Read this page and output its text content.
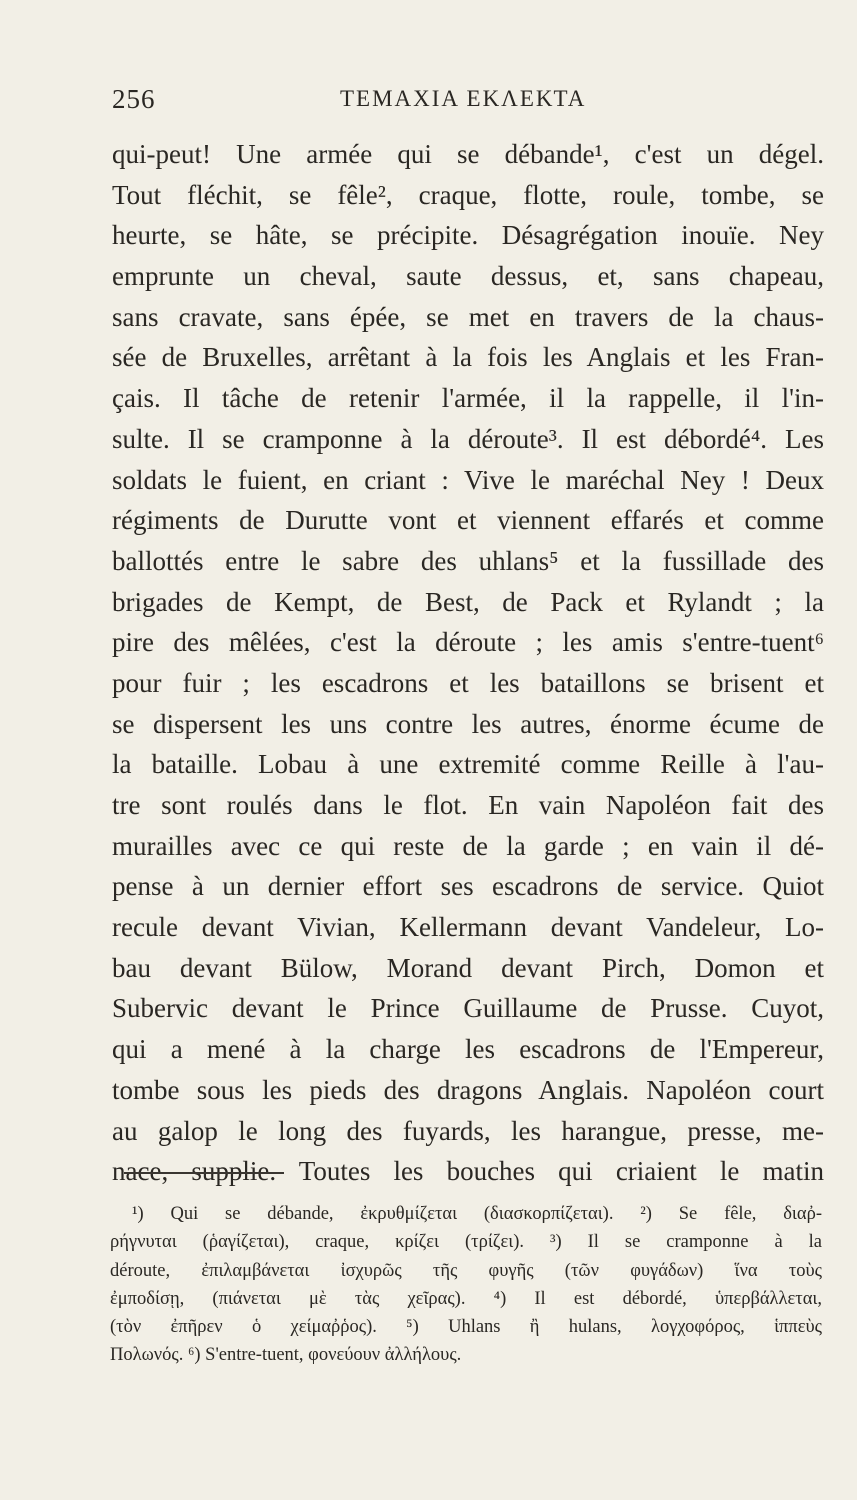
256	ΤΕΜΑΧΙΑ ΕΚΛΕΚΤΑ
qui-peut! Une armée qui se débande¹, c'est un dégel.
Tout fléchit, se fêle², craque, flotte, roule, tombe, se
heurte, se hâte, se précipite. Désagrégation inouïe. Ney
emprunte un cheval, saute dessus, et, sans chapeau,
sans cravate, sans épée, se met en travers de la chaus-
sée de Bruxelles, arrêtant à la fois les Anglais et les Fran-
çais. Il tâche de retenir l'armée, il la rappelle, il l'in-
sulte. Il se cramponne à la déroute³. Il est débordé⁴. Les
soldats le fuient, en criant : Vive le maréchal Ney ! Deux
régiments de Durutte vont et viennent effarés et comme
ballottés entre le sabre des uhlans⁵ et la fussillade des
brigades de Kempt, de Best, de Pack et Rylandt ; la
pire des mêlées, c'est la déroute ; les amis s'entre-tuent⁶
pour fuir ; les escadrons et les bataillons se brisent et
se dispersent les uns contre les autres, énorme écume de
la bataille. Lobau à une extremité comme Reille à l'au-
tre sont roulés dans le flot. En vain Napoléon fait des
murailles avec ce qui reste de la garde ; en vain il dé-
pense à un dernier effort ses escadrons de service. Quiot
recule devant Vivian, Kellermann devant Vandeleur, Lo-
bau devant Bülow, Morand devant Pirch, Domon et
Subervic devant le Prince Guillaume de Prusse. Cuyot,
qui a mené à la charge les escadrons de l'Empereur,
tombe sous les pieds des dragons Anglais. Napoléon court
au galop le long des fuyards, les harangue, presse, me-
nace, supplie. Toutes les bouches qui criaient le matin
¹) Qui se débande, ἐκρυθμίζεται (διασκορπίζεται). ²) Se fêle, διαῤ-
ρήγνυται (ῥαγίζεται), craque, κρίζει (τρίζει). ³) Il se cramponne à la
déroute, ἐπιλαμβάνεται ἰσχυρῶς τῆς φυγῆς (τῶν φυγάδων) ἵνα τοὺς
ἐμποδίσῃ, (πιάνεται μὲ τὰς χεῖρας). ⁴) Il est débordé, ὑπερβάλλεται,
(τὸν ἐπῆρεν ὁ χείμαῤῥος). ⁵) Uhlans ἢ hulans, λογχοφόρος, ἱππεὺς
Πολωνός. ⁶) S'entre-tuent, φονεύουν ἀλλήλους.
